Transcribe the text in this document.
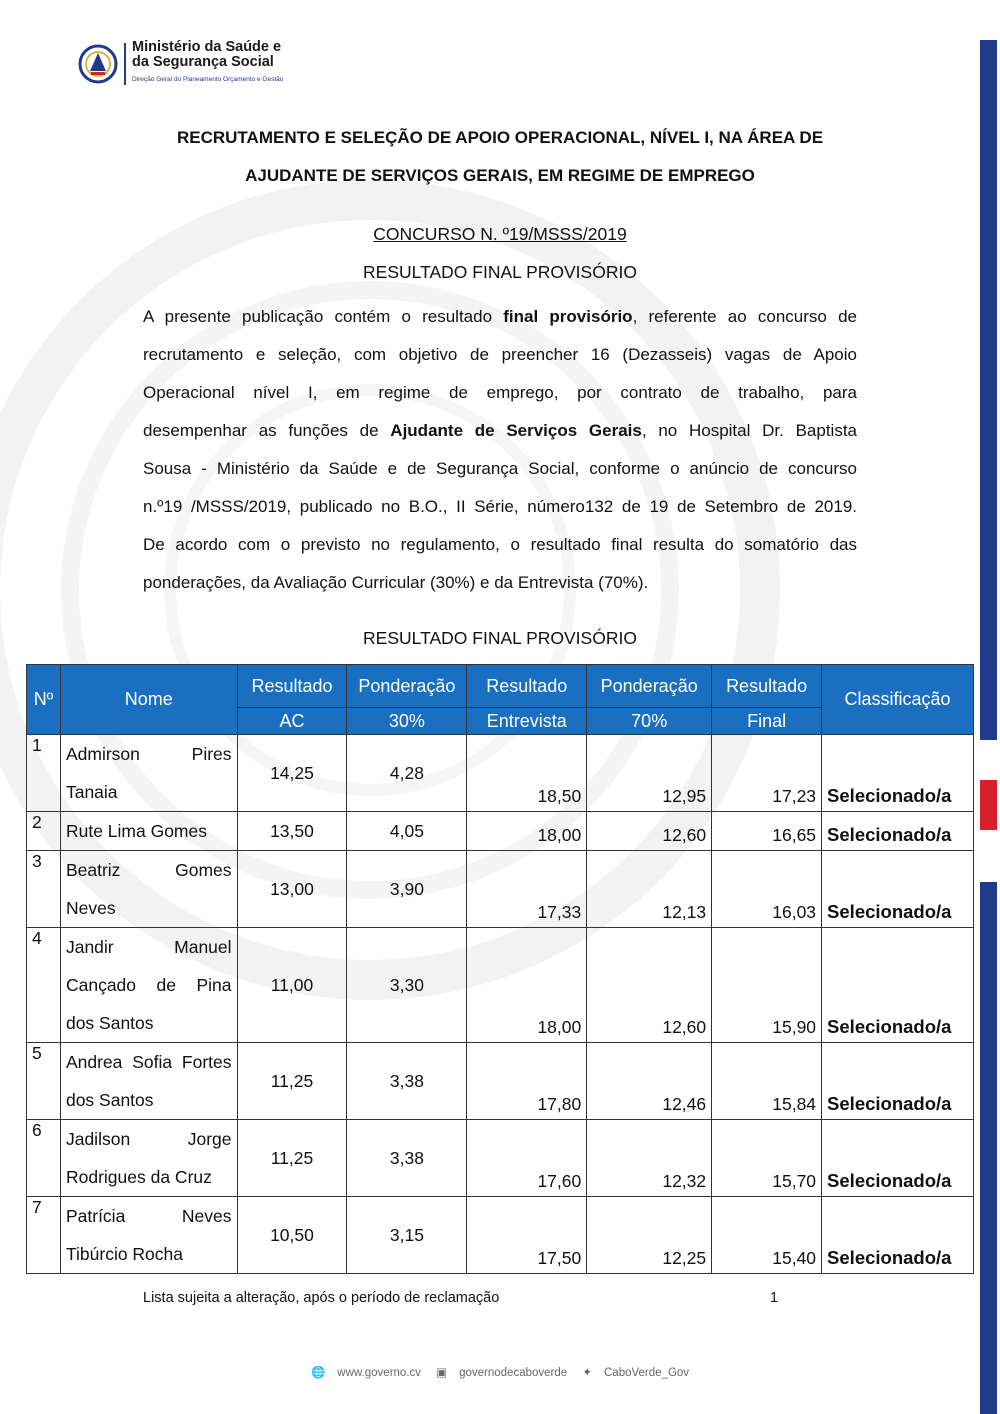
Ministério da Saúde e
da Segurança Social
Direção Geral do Planeamento Orçamento e Gestão
RECRUTAMENTO E SELEÇÃO DE APOIO OPERACIONAL, NÍVEL I, NA ÁREA DE
AJUDANTE DE SERVIÇOS GERAIS, EM REGIME DE EMPREGO
CONCURSO N. º19/MSSS/2019
RESULTADO FINAL PROVISÓRIO
A presente publicação contém o resultado final provisório, referente ao concurso de
recrutamento e seleção, com objetivo de preencher 16 (Dezasseis) vagas de Apoio
Operacional nível I, em regime de emprego, por contrato de trabalho, para
desempenhar as funções de Ajudante de Serviços Gerais, no Hospital Dr. Baptista
Sousa - Ministério da Saúde e de Segurança Social, conforme o anúncio de concurso
n.º19 /MSSS/2019, publicado no B.O., II Série, número132 de 19 de Setembro de 2019.
De acordo com o previsto no regulamento, o resultado final resulta do somatório das
ponderações, da Avaliação Curricular (30%) e da Entrevista (70%).
RESULTADO FINAL PROVISÓRIO
Nº	Nome	Resultado	Ponderação	Resultado	Ponderação	Resultado	Classificação
		AC	30%	Entrevista	70%	Final	
1	Admirson Pires
Tanaia	14,25	4,28	18,50	12,95	17,23	Selecionado/a
2	Rute Lima Gomes	13,50	4,05	18,00	12,60	16,65	Selecionado/a
3	Beatriz Gomes
Neves	13,00	3,90	17,33	12,13	16,03	Selecionado/a
4	Jandir Manuel Cançado de Pina
dos Santos	11,00	3,30	18,00	12,60	15,90	Selecionado/a
5	Andrea Sofia Fortes
dos Santos	11,25	3,38	17,80	12,46	15,84	Selecionado/a
6	Jadilson Jorge
Rodrigues da Cruz	11,25	3,38	17,60	12,32	15,70	Selecionado/a
7	Patrícia Neves
Tibúrcio Rocha	10,50	3,15	17,50	12,25	15,40	Selecionado/a
Lista sujeita a alteração, após o período de reclamação	1
🌐 www.governo.cv ▣ governodecaboverde ✦ CaboVerde_Gov
